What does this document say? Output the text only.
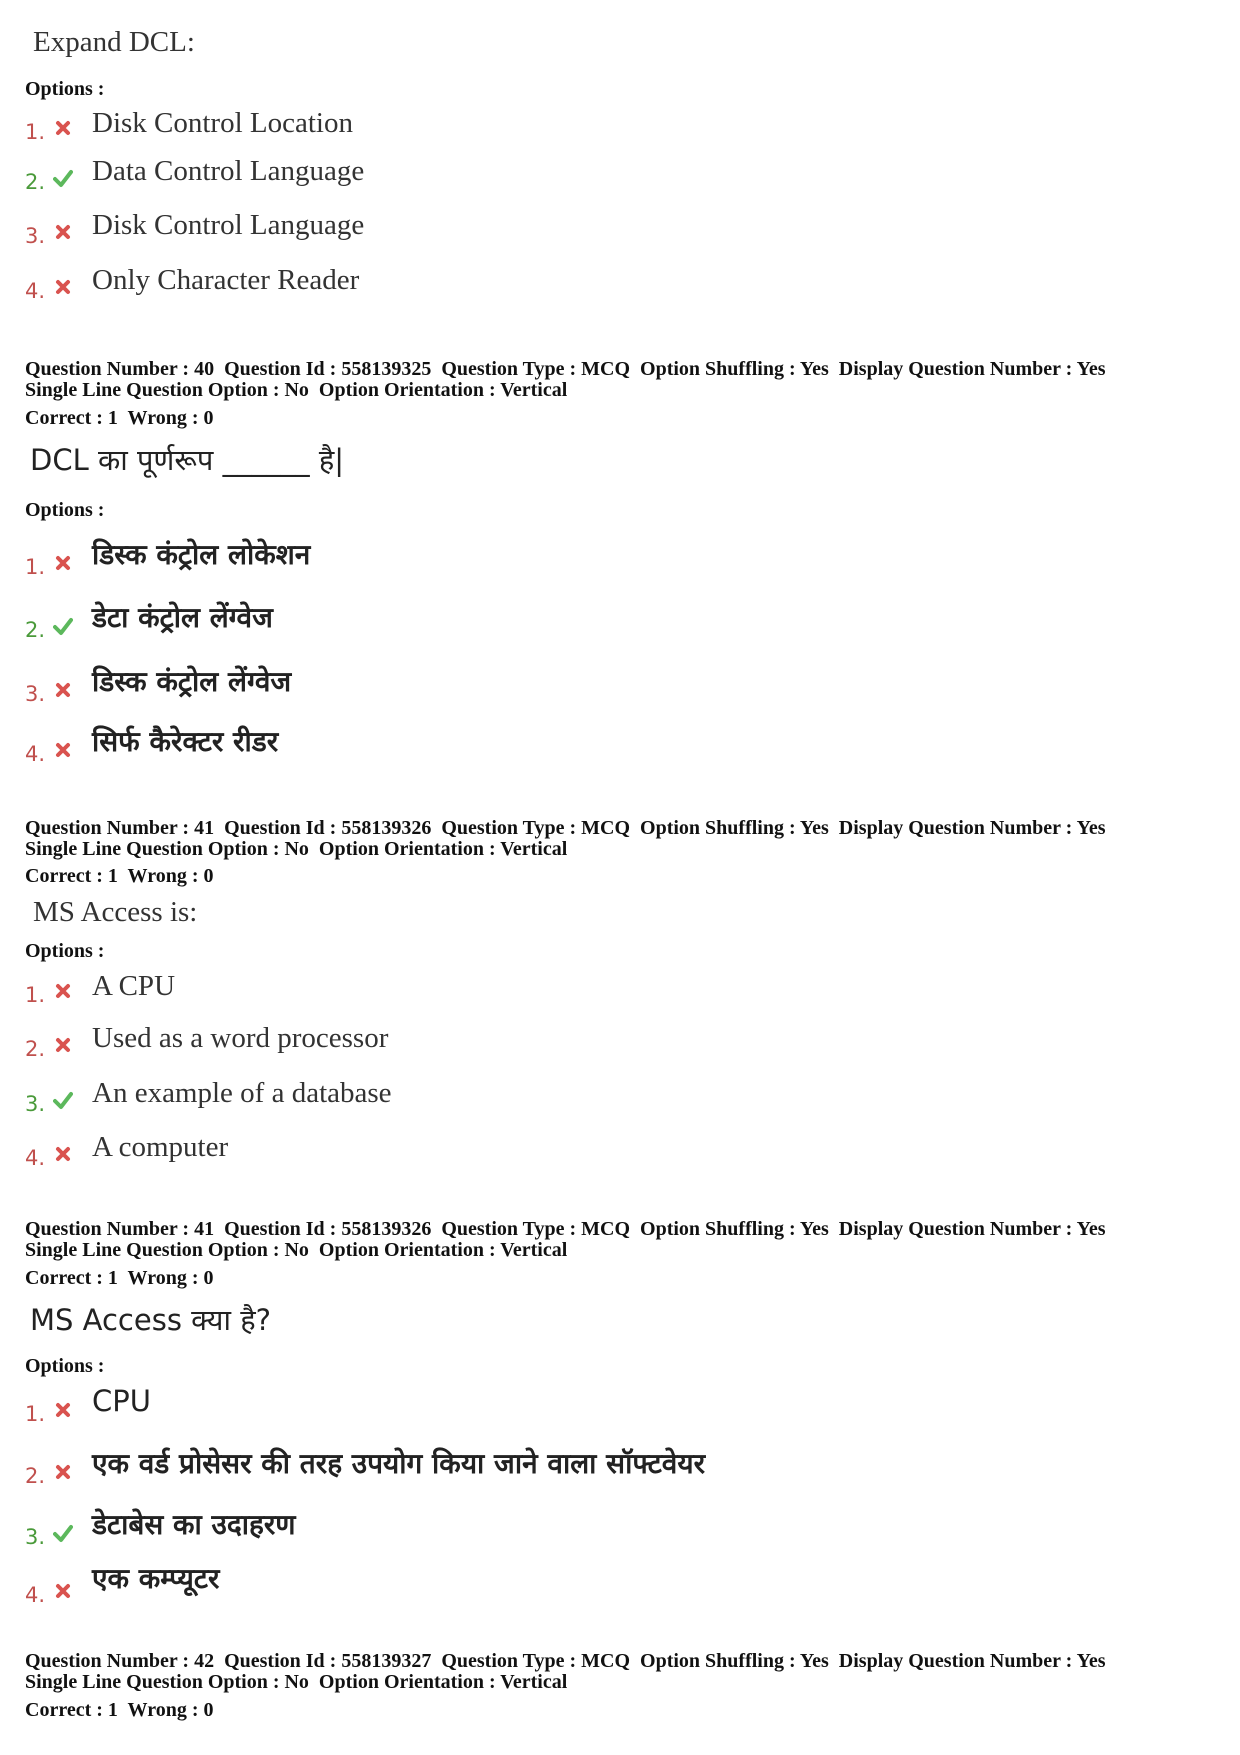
Expand DCL:
Options :
1. Disk Control Location
2. Data Control Language
3. Disk Control Language
4. Only Character Reader
Question Number : 40  Question Id : 558139325  Question Type : MCQ  Option Shuffling : Yes  Display Question Number : Yes
Single Line Question Option : No  Option Orientation : Vertical
Correct : 1  Wrong : 0
DCL का पूर्णरूप ______ है|
Options :
1. डिस्क कंट्रोल लोकेशन
2. डेटा कंट्रोल लेंग्वेज
3. डिस्क कंट्रोल लेंग्वेज
4. सिर्फ कैरेक्टर रीडर
Question Number : 41  Question Id : 558139326  Question Type : MCQ  Option Shuffling : Yes  Display Question Number : Yes
Single Line Question Option : No  Option Orientation : Vertical
Correct : 1  Wrong : 0
MS Access is:
Options :
1. A CPU
2. Used as a word processor
3. An example of a database
4. A computer
Question Number : 41  Question Id : 558139326  Question Type : MCQ  Option Shuffling : Yes  Display Question Number : Yes
Single Line Question Option : No  Option Orientation : Vertical
Correct : 1  Wrong : 0
MS Access क्या है?
Options :
1. CPU
2. एक वर्ड प्रोसेसर की तरह उपयोग किया जाने वाला सॉफ्टवेयर
3. डेटाबेस का उदाहरण
4. एक कम्प्यूटर
Question Number : 42  Question Id : 558139327  Question Type : MCQ  Option Shuffling : Yes  Display Question Number : Yes
Single Line Question Option : No  Option Orientation : Vertical
Correct : 1  Wrong : 0
